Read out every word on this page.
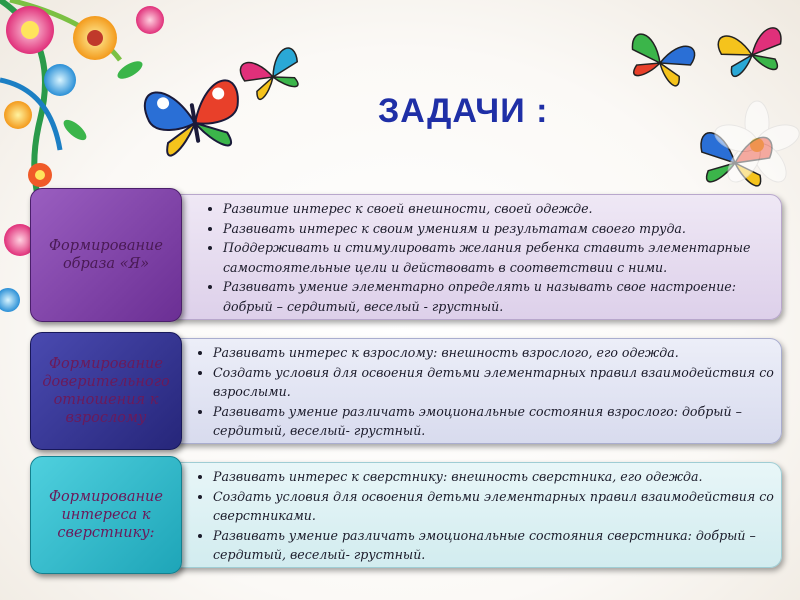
ЗАДАЧИ :
• Развитие интерес к своей внешности, своей одежде.
• Развивать интерес к своим умениям и результатам своего труда.
• Поддерживать и стимулировать желания ребенка ставить элементарные самостоятельные цели и действовать в соответствии с ними.
• Развивать умение элементарно определять и называть свое настроение: добрый – сердитый, веселый - грустный.
Формирование образа «Я»
• Развивать интерес к взрослому: внешность взрослого, его одежда.
• Создать условия для освоения детьми элементарных правил взаимодействия со взрослыми.
• Развивать умение различать эмоциональные состояния взрослого: добрый – сердитый, веселый- грустный.
Формирование доверительного отношения к взрослому
• Развивать интерес к сверстнику: внешность сверстника, его одежда.
• Создать условия для освоения детьми элементарных правил взаимодействия со сверстниками.
• Развивать умение различать эмоциональные состояния сверстника: добрый – сердитый, веселый- грустный.
Формирование интереса к сверстнику:
